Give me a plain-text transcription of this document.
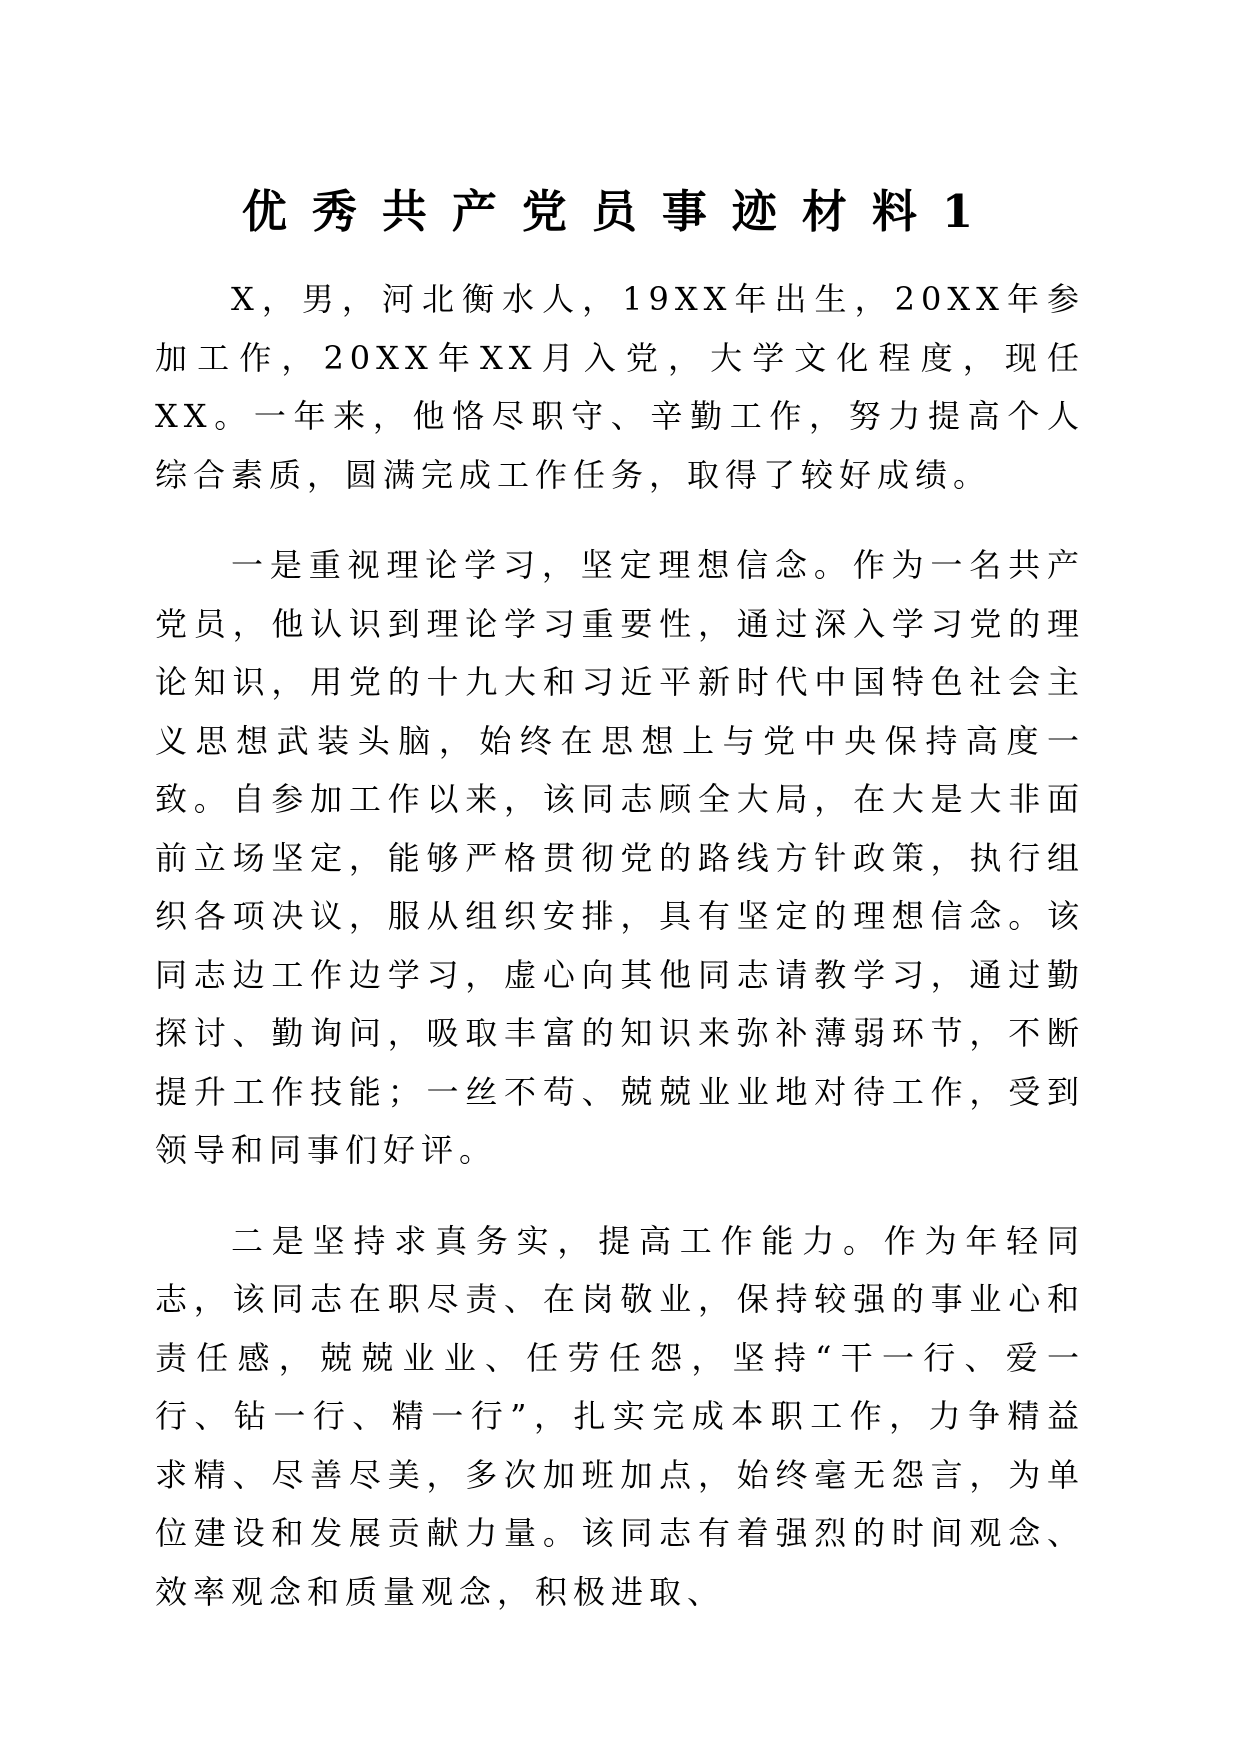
优秀共产党员事迹材料1

X，男，河北衡水人，19XX年出生，20XX年参加工作，20XX年XX月入党，大学文化程度，现任XX。一年来，他恪尽职守、辛勤工作，努力提高个人综合素质，圆满完成工作任务，取得了较好成绩。

一是重视理论学习，坚定理想信念。作为一名共产党员，他认识到理论学习重要性，通过深入学习党的理论知识，用党的十九大和习近平新时代中国特色社会主义思想武装头脑，始终在思想上与党中央保持高度一致。自参加工作以来，该同志顾全大局，在大是大非面前立场坚定，能够严格贯彻党的路线方针政策，执行组织各项决议，服从组织安排，具有坚定的理想信念。该同志边工作边学习，虚心向其他同志请教学习，通过勤探讨、勤询问，吸取丰富的知识来弥补薄弱环节，不断提升工作技能；一丝不苟、兢兢业业地对待工作，受到领导和同事们好评。

二是坚持求真务实，提高工作能力。作为年轻同志，该同志在职尽责、在岗敬业，保持较强的事业心和责任感，兢兢业业、任劳任怨，坚持“干一行、爱一行、钻一行、精一行”，扎实完成本职工作，力争精益求精、尽善尽美，多次加班加点，始终毫无怨言，为单位建设和发展贡献力量。该同志有着强烈的时间观念、效率观念和质量观念，积极进取、
